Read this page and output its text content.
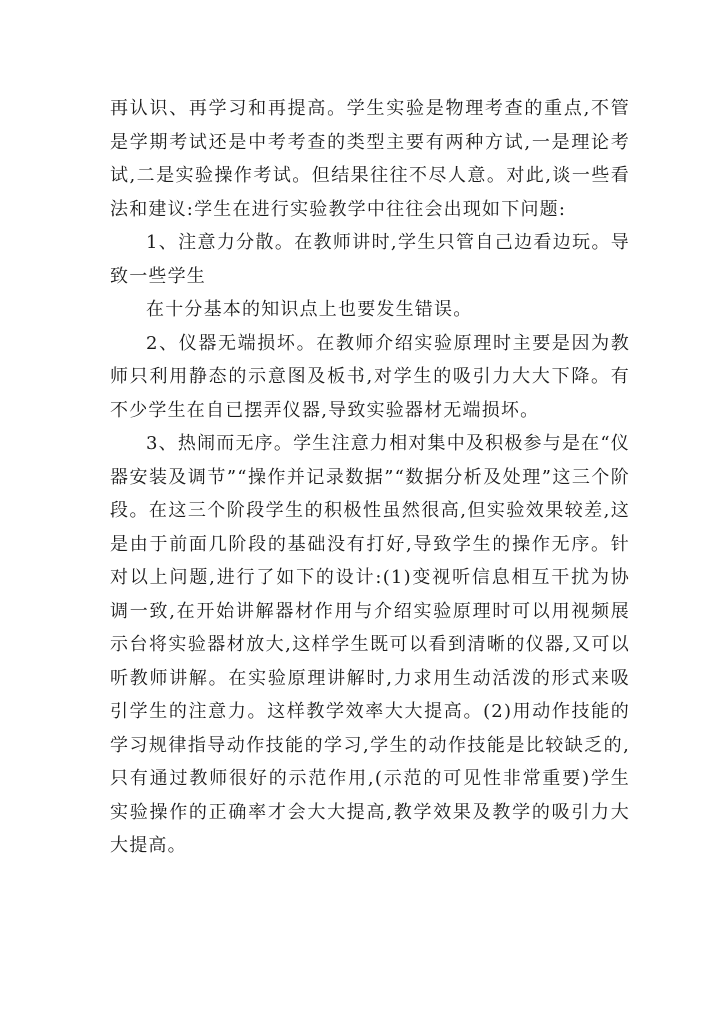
再认识、再学习和再提高。学生实验是物理考查的重点,不管是学期考试还是中考考查的类型主要有两种方试,一是理论考试,二是实验操作考试。但结果往往不尽人意。对此,谈一些看法和建议:学生在进行实验教学中往往会出现如下问题:

1、注意力分散。在教师讲时,学生只管自己边看边玩。导致一些学生

在十分基本的知识点上也要发生错误。

2、仪器无端损坏。在教师介绍实验原理时主要是因为教师只利用静态的示意图及板书,对学生的吸引力大大下降。有不少学生在自已摆弄仪器,导致实验器材无端损坏。

3、热闹而无序。学生注意力相对集中及积极参与是在“仪器安装及调节”“操作并记录数据”“数据分析及处理”这三个阶段。在这三个阶段学生的积极性虽然很高,但实验效果较差,这是由于前面几阶段的基础没有打好,导致学生的操作无序。针对以上问题,进行了如下的设计:(1)变视听信息相互干扰为协调一致,在开始讲解器材作用与介绍实验原理时可以用视频展示台将实验器材放大,这样学生既可以看到清晰的仪器,又可以听教师讲解。在实验原理讲解时,力求用生动活泼的形式来吸引学生的注意力。这样教学效率大大提高。(2)用动作技能的学习规律指导动作技能的学习,学生的动作技能是比较缺乏的,只有通过教师很好的示范作用,(示范的可见性非常重要)学生实验操作的正确率才会大大提高,教学效果及教学的吸引力大大提高。
